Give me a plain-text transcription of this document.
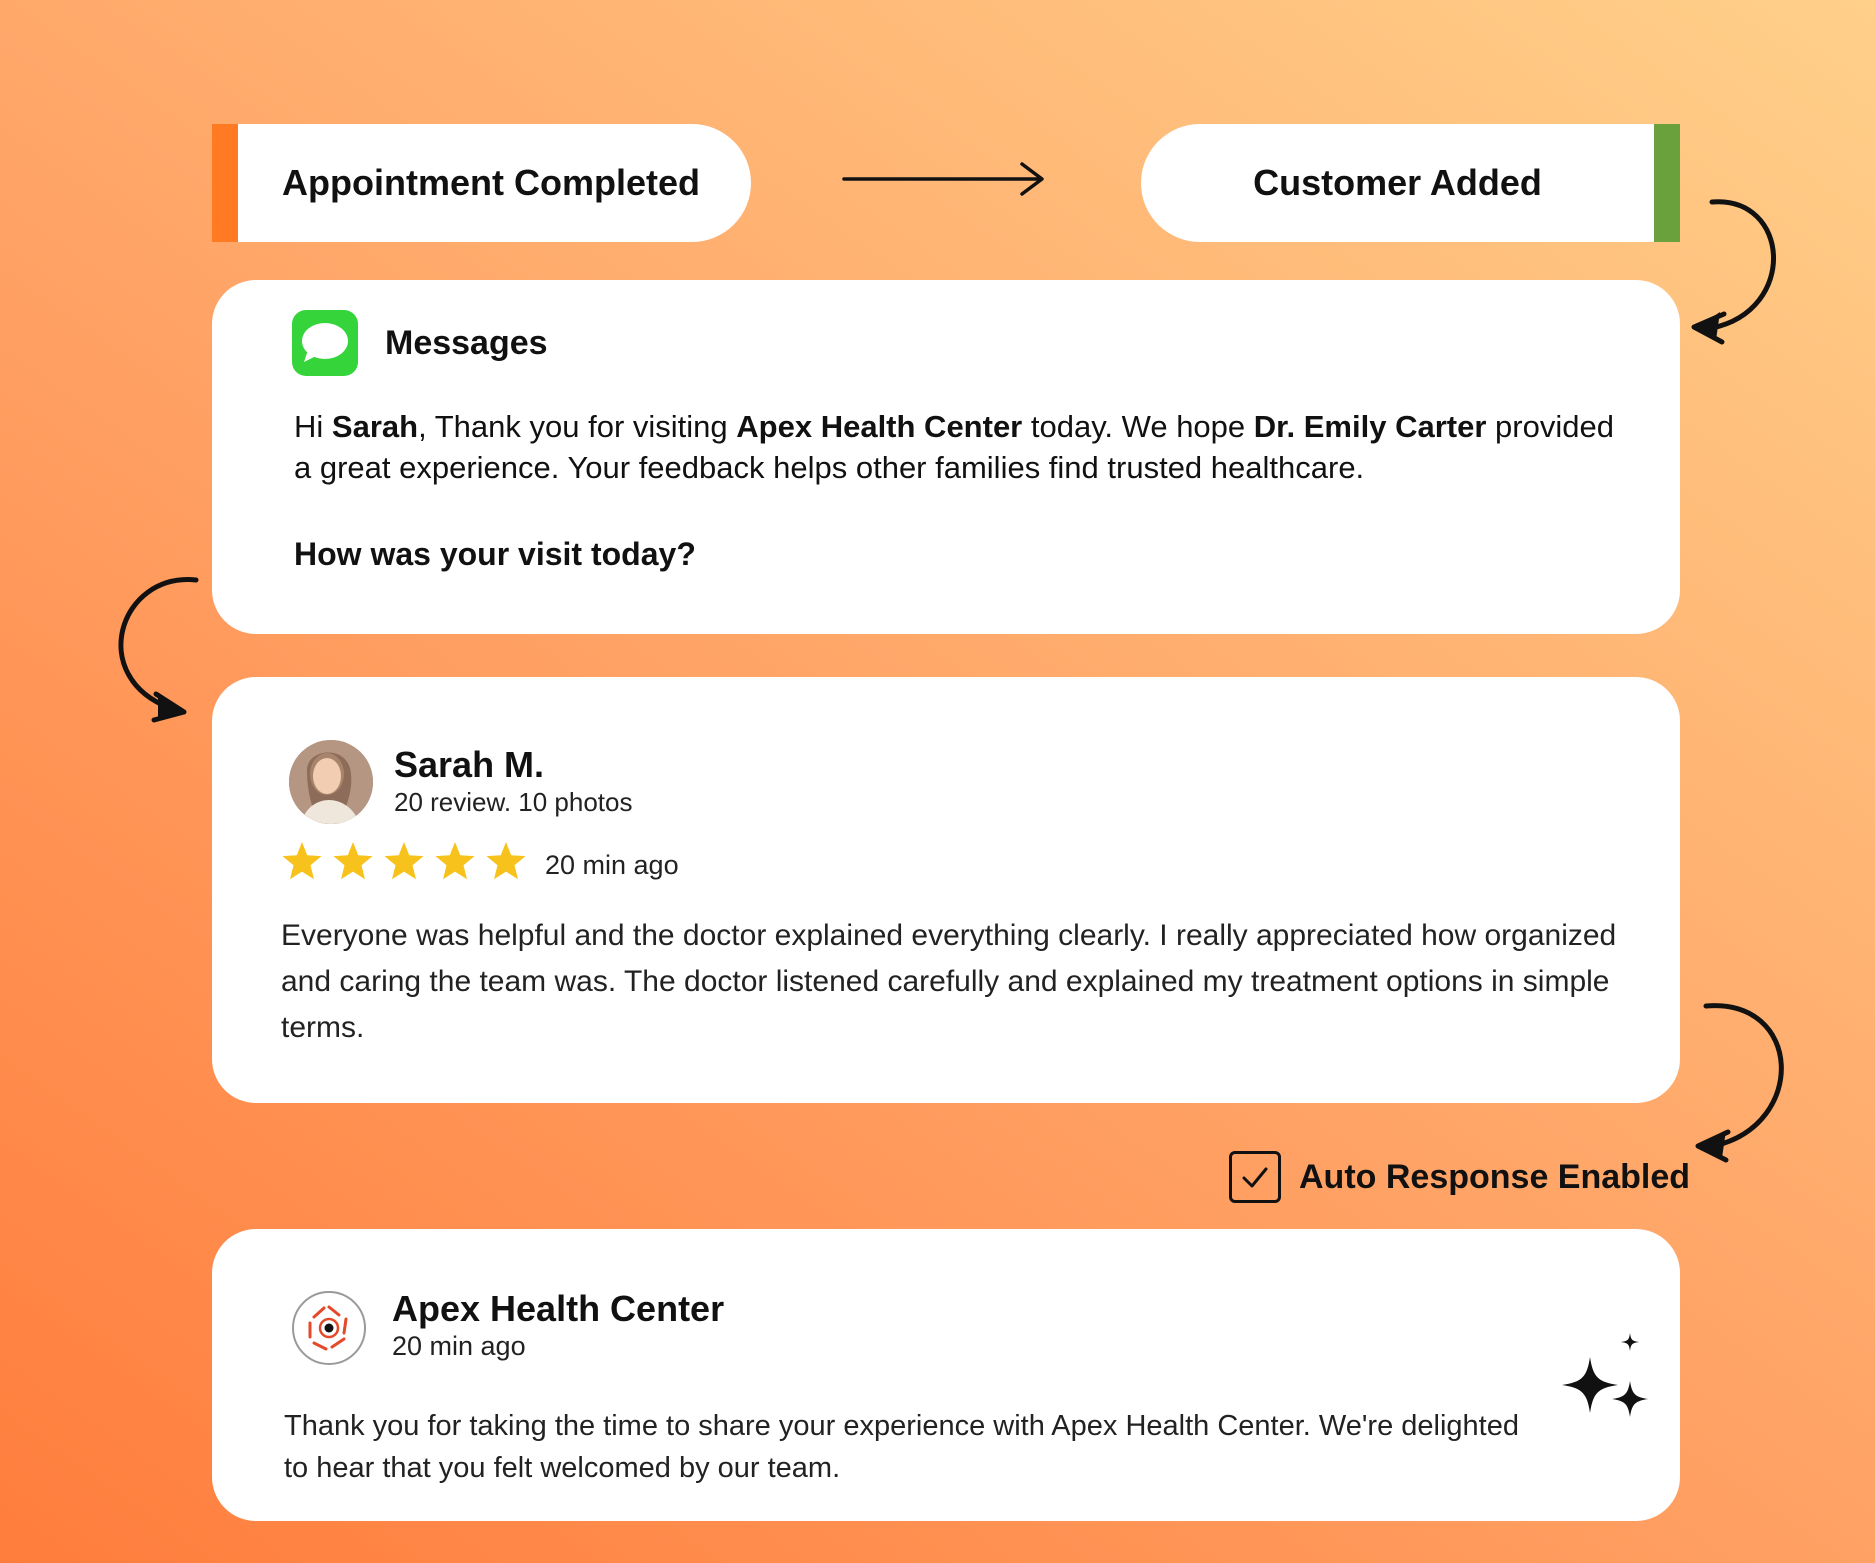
Appointment Completed	Customer Added
Messages
Hi Sarah, Thank you for visiting Apex Health Center today. We hope Dr. Emily Carter provided a great experience. Your feedback helps other families find trusted healthcare.
How was your visit today?
Sarah M.
20 review. 10 photos
20 min ago
Everyone was helpful and the doctor explained everything clearly. I really appreciated how organized and caring the team was. The doctor listened carefully and explained my treatment options in simple terms.
Auto Response Enabled
Apex Health Center
20 min ago
Thank you for taking the time to share your experience with Apex Health Center. We're delighted to hear that you felt welcomed by our team.
